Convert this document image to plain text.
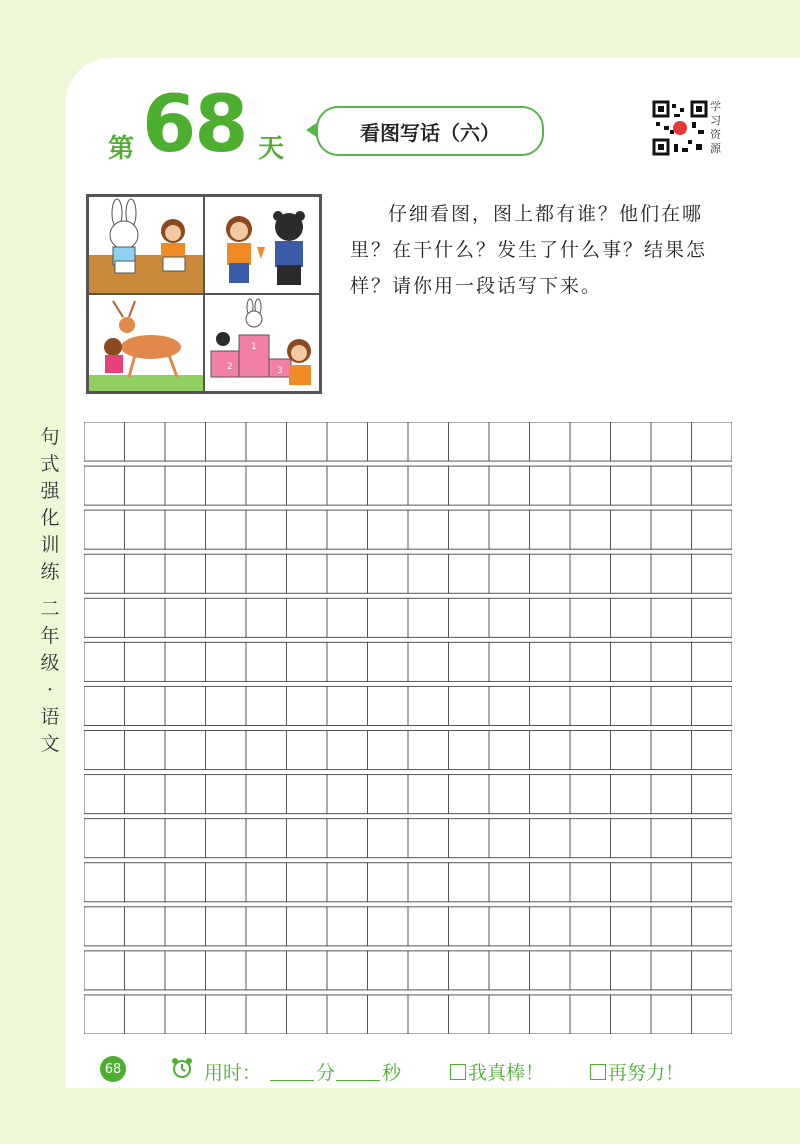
第 68 天
看图写话（六）
学
习
资
源
2
1
3
仔细看图，图上都有谁？他们在哪里？在干什么？发生了什么事？结果怎样？请你用一段话写下来。
句
式
强
化
训
练
二
年
级
·
语
文
68	用时：	分 秒	我真棒！	再努力！
